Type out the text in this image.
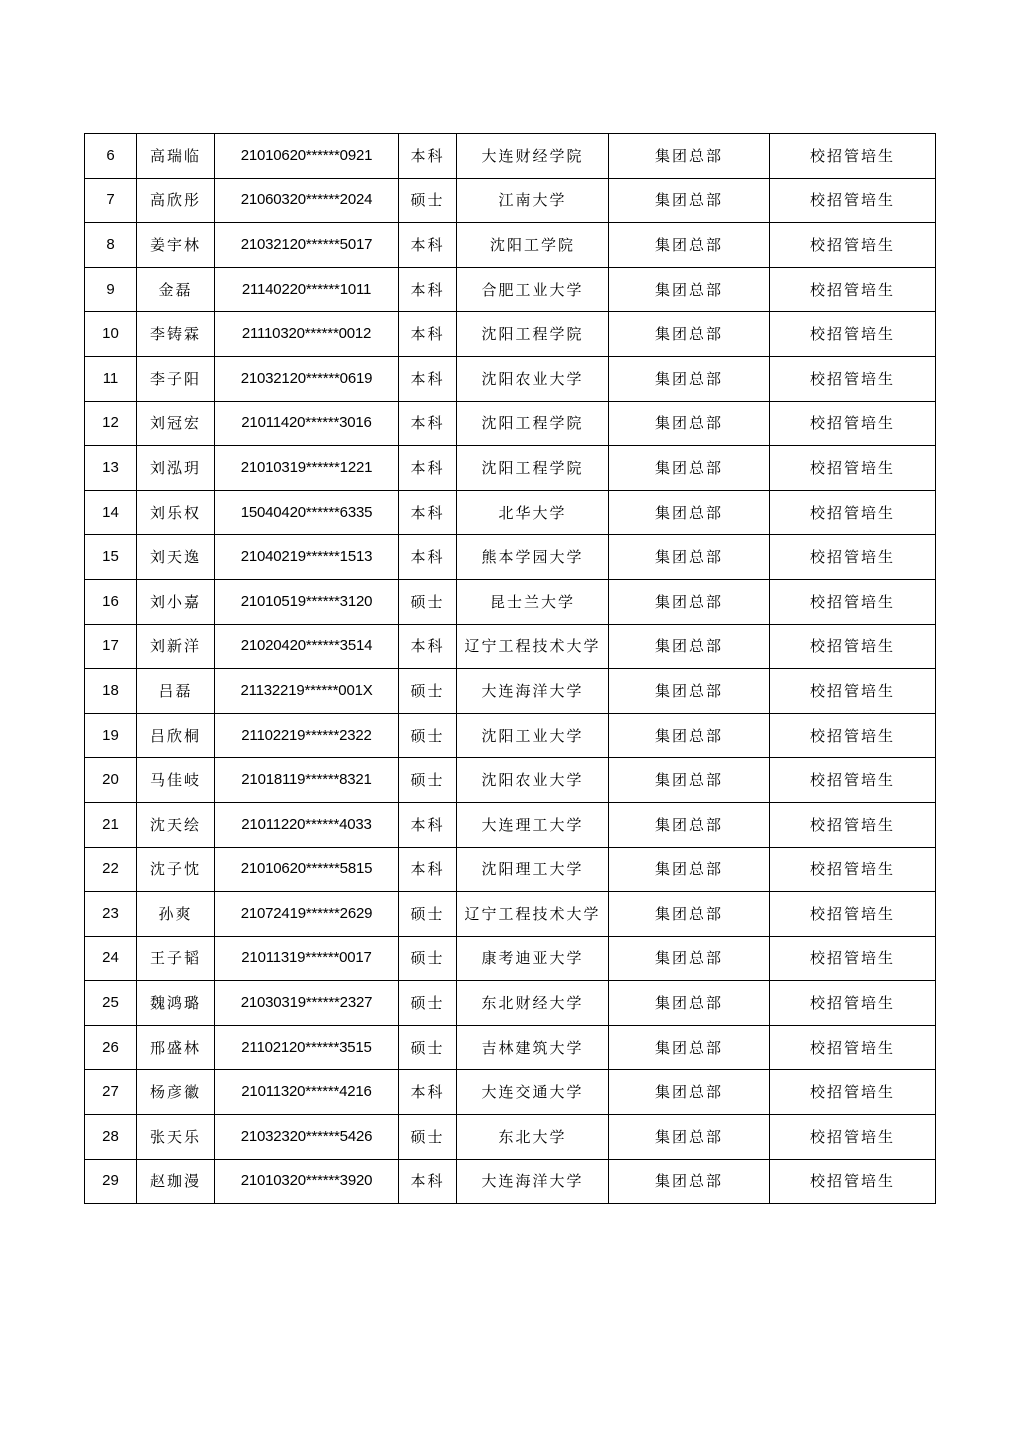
6	高瑞临	21010620******0921	本科	大连财经学院	集团总部	校招管培生
7	高欣彤	21060320******2024	硕士	江南大学	集团总部	校招管培生
8	姜宇林	21032120******5017	本科	沈阳工学院	集团总部	校招管培生
9	金磊	21140220******1011	本科	合肥工业大学	集团总部	校招管培生
10	李铸霖	21110320******0012	本科	沈阳工程学院	集团总部	校招管培生
11	李子阳	21032120******0619	本科	沈阳农业大学	集团总部	校招管培生
12	刘冠宏	21011420******3016	本科	沈阳工程学院	集团总部	校招管培生
13	刘泓玥	21010319******1221	本科	沈阳工程学院	集团总部	校招管培生
14	刘乐权	15040420******6335	本科	北华大学	集团总部	校招管培生
15	刘天逸	21040219******1513	本科	熊本学园大学	集团总部	校招管培生
16	刘小嘉	21010519******3120	硕士	昆士兰大学	集团总部	校招管培生
17	刘新洋	21020420******3514	本科	辽宁工程技术大学	集团总部	校招管培生
18	吕磊	21132219******001X	硕士	大连海洋大学	集团总部	校招管培生
19	吕欣桐	21102219******2322	硕士	沈阳工业大学	集团总部	校招管培生
20	马佳岐	21018119******8321	硕士	沈阳农业大学	集团总部	校招管培生
21	沈天绘	21011220******4033	本科	大连理工大学	集团总部	校招管培生
22	沈子忱	21010620******5815	本科	沈阳理工大学	集团总部	校招管培生
23	孙爽	21072419******2629	硕士	辽宁工程技术大学	集团总部	校招管培生
24	王子韬	21011319******0017	硕士	康考迪亚大学	集团总部	校招管培生
25	魏鸿璐	21030319******2327	硕士	东北财经大学	集团总部	校招管培生
26	邢盛林	21102120******3515	硕士	吉林建筑大学	集团总部	校招管培生
27	杨彦徽	21011320******4216	本科	大连交通大学	集团总部	校招管培生
28	张天乐	21032320******5426	硕士	东北大学	集团总部	校招管培生
29	赵珈漫	21010320******3920	本科	大连海洋大学	集团总部	校招管培生
